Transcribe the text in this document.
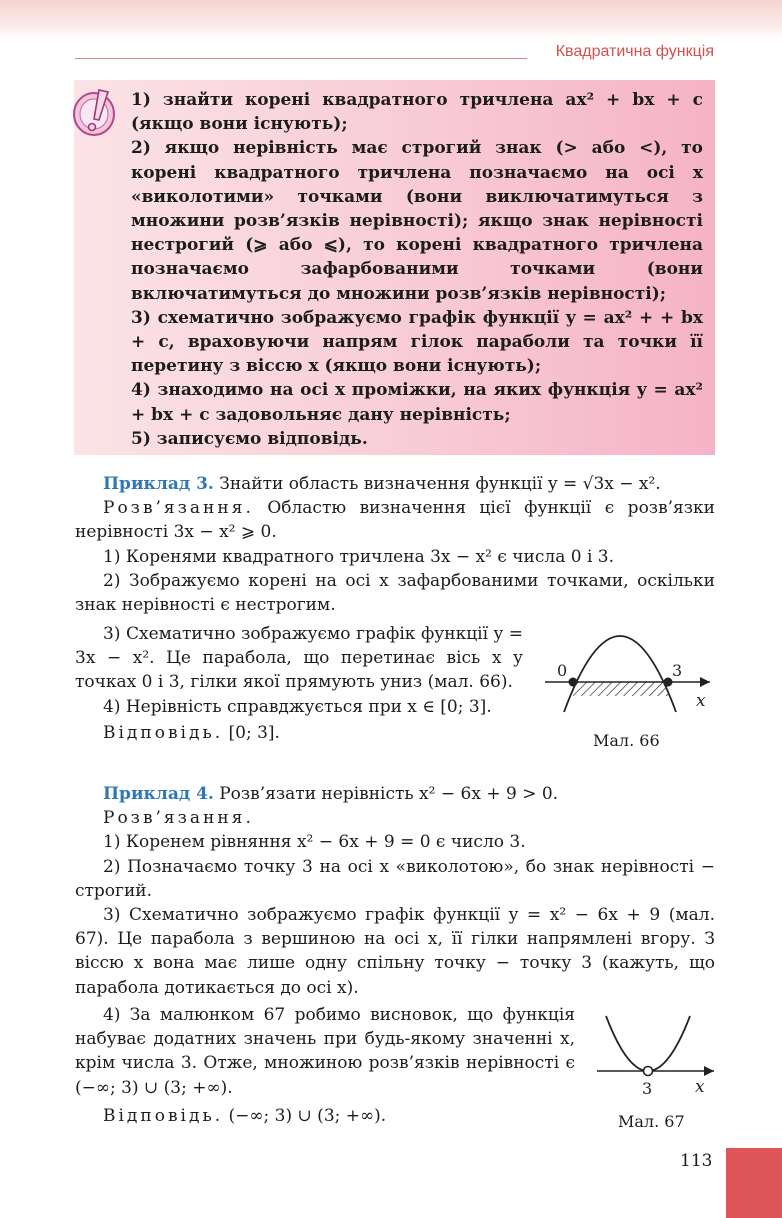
Квадратична функція

1) знайти корені квадратного тричлена ax² + bx + c (якщо вони існують);

2) якщо нерівність має строгий знак (> або <), то корені квадратного тричлена позначаємо на осі x «виколотими» точками (вони виключатимуться з множини розв’язків нерівності); якщо знак нерівності нестрогий (⩾ або ⩽), то корені квадратного тричлена позначаємо зафарбованими точками (вони включатимуться до множини розв’язків нерівності);

3) схематично зображуємо графік функції y = ax² + + bx + c, враховуючи напрям гілок параболи та точки її перетину з віссю x (якщо вони існують);

4) знаходимо на осі x проміжки, на яких функція y = ax² + bx + c задовольняє дану нерівність;

5) записуємо відповідь.

Приклад 3. Знайти область визначення функції y = √3x − x².

Розв’язання. Областю визначення цієї функції є розв’язки нерівності 3x − x² ⩾ 0.

1) Коренями квадратного тричлена 3x − x² є числа 0 і 3.

2) Зображуємо корені на осі x зафарбованими точками, оскільки знак нерівності є нестрогим.

3) Схематично зображуємо графік функції y = 3x − x². Це парабола, що перетинає вісь x у точках 0 і 3, гілки якої прямують униз (мал. 66).

4) Нерівність справджується при x ∈ [0; 3].

Відповідь. [0; 3].

0	3
x
Мал. 66

Приклад 4. Розв’язати нерівність x² − 6x + 9 > 0.

Розв’язання.

1) Коренем рівняння x² − 6x + 9 = 0 є число 3.

2) Позначаємо точку 3 на осі x «виколотою», бо знак нерівності − строгий.

3) Схематично зображуємо графік функції y = x² − 6x + 9 (мал. 67). Це парабола з вершиною на осі x, її гілки напрямлені вгору. З віссю x вона має лише одну спільну точку − точку 3 (кажуть, що парабола дотикається до осі x).

4) За малюнком 67 робимо висновок, що функція набуває додатних значень при будь-якому значенні x, крім числа 3. Отже, множиною розв’язків нерівності є (−∞; 3) ∪ (3; +∞).

Відповідь. (−∞; 3) ∪ (3; +∞).

3	x
Мал. 67
113
